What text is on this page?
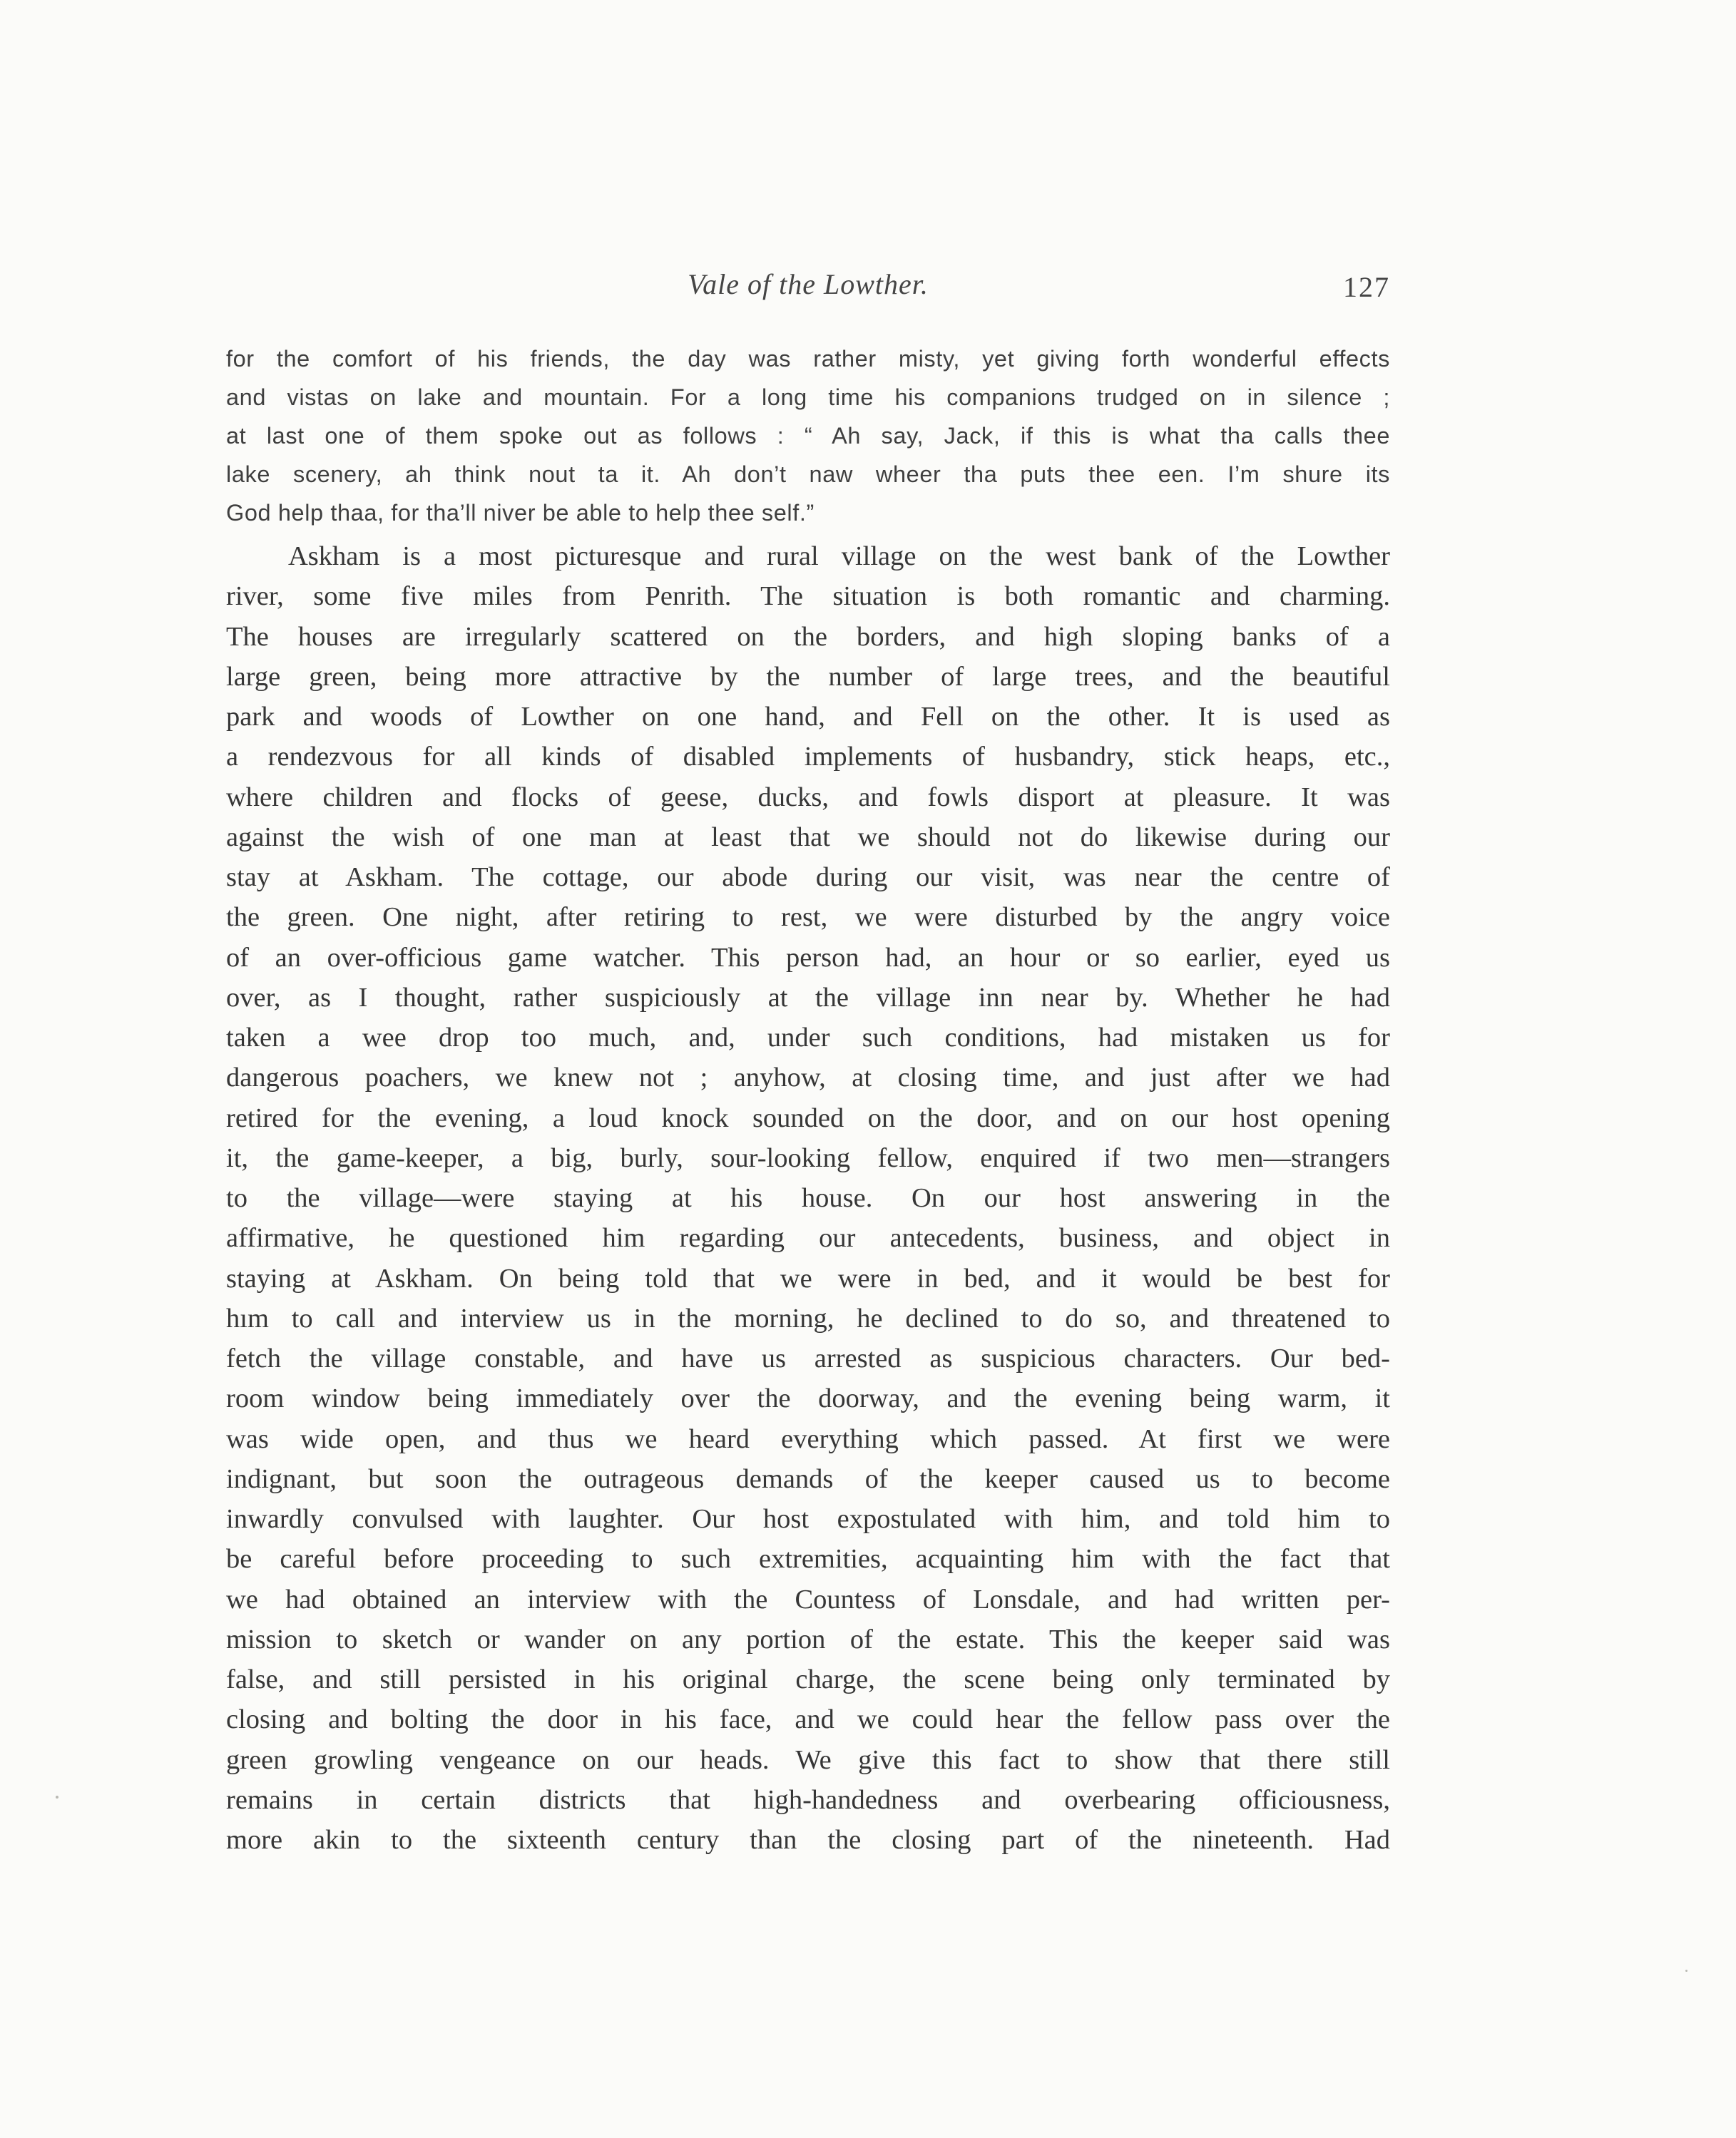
Vale of the Lowther.	127
for the comfort of his friends, the day was rather misty, yet giving forth wonderful effects
and vistas on lake and mountain. For a long time his companions trudged on in silence ;
at last one of them spoke out as follows : “ Ah say, Jack, if this is what tha calls thee
lake scenery, ah think nout ta it. Ah don’t naw wheer tha puts thee een. I’m shure its
God help thaa, for tha’ll niver be able to help thee self.”
Askham is a most picturesque and rural village on the west bank of the Lowther
river, some five miles from Penrith. The situation is both romantic and charming.
The houses are irregularly scattered on the borders, and high sloping banks of a
large green, being more attractive by the number of large trees, and the beautiful
park and woods of Lowther on one hand, and Fell on the other. It is used as
a rendezvous for all kinds of disabled implements of husbandry, stick heaps, etc.,
where children and flocks of geese, ducks, and fowls disport at pleasure. It was
against the wish of one man at least that we should not do likewise during our
stay at Askham. The cottage, our abode during our visit, was near the centre of
the green. One night, after retiring to rest, we were disturbed by the angry voice
of an over-officious game watcher. This person had, an hour or so earlier, eyed us
over, as I thought, rather suspiciously at the village inn near by. Whether he had
taken a wee drop too much, and, under such conditions, had mistaken us for
dangerous poachers, we knew not ; anyhow, at closing time, and just after we had
retired for the evening, a loud knock sounded on the door, and on our host opening
it, the game-keeper, a big, burly, sour-looking fellow, enquired if two men—strangers
to the village—were staying at his house. On our host answering in the
affirmative, he questioned him regarding our antecedents, business, and object in
staying at Askham. On being told that we were in bed, and it would be best for
hım to call and interview us in the morning, he declined to do so, and threatened to
fetch the village constable, and have us arrested as suspicious characters. Our bed-
room window being immediately over the doorway, and the evening being warm, it
was wide open, and thus we heard everything which passed. At first we were
indignant, but soon the outrageous demands of the keeper caused us to become
inwardly convulsed with laughter. Our host expostulated with him, and told him to
be careful before proceeding to such extremities, acquainting him with the fact that
we had obtained an interview with the Countess of Lonsdale, and had written per-
mission to sketch or wander on any portion of the estate. This the keeper said was
false, and still persisted in his original charge, the scene being only terminated by
closing and bolting the door in his face, and we could hear the fellow pass over the
green growling vengeance on our heads. We give this fact to show that there still
remains in certain districts that high-handedness and overbearing officiousness,
more akin to the sixteenth century than the closing part of the nineteenth. Had
